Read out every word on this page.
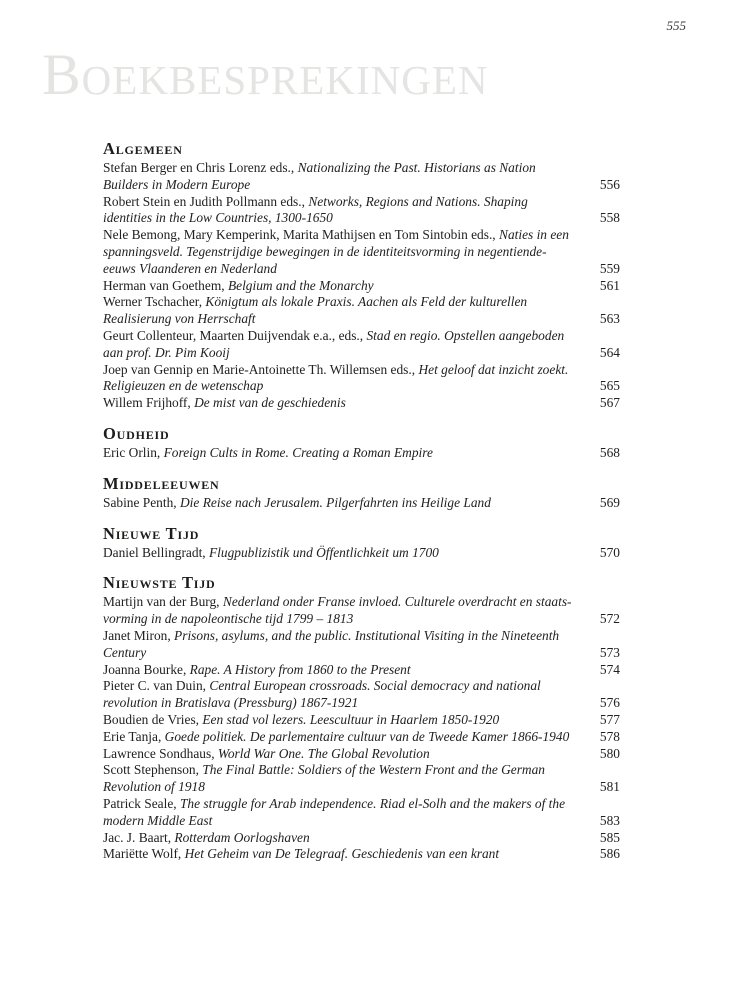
555
Boekbesprekingen
Algemeen
Stefan Berger en Chris Lorenz eds., Nationalizing the Past. Historians as Nation Builders in Modern Europe	556
Robert Stein en Judith Pollmann eds., Networks, Regions and Nations. Shaping identities in the Low Countries, 1300-1650	558
Nele Bemong, Mary Kemperink, Marita Mathijsen en Tom Sintobin eds., Naties in een spanningsveld. Tegenstrijdige bewegingen in de identiteitsvorming in negentiende-eeuws Vlaanderen en Nederland	559
Herman van Goethem, Belgium and the Monarchy	561
Werner Tschacher, Königtum als lokale Praxis. Aachen als Feld der kulturellen Realisierung von Herrschaft	563
Geurt Collenteur, Maarten Duijvendak e.a., eds., Stad en regio. Opstellen aangeboden aan prof. Dr. Pim Kooij	564
Joep van Gennip en Marie-Antoinette Th. Willemsen eds., Het geloof dat inzicht zoekt. Religieuzen en de wetenschap	565
Willem Frijhoff, De mist van de geschiedenis	567
Oudheid
Eric Orlin, Foreign Cults in Rome. Creating a Roman Empire	568
Middeleeuwen
Sabine Penth, Die Reise nach Jerusalem. Pilgerfahrten ins Heilige Land	569
Nieuwe Tijd
Daniel Bellingradt, Flugpublizistik und Öffentlichkeit um 1700	570
Nieuwste Tijd
Martijn van der Burg, Nederland onder Franse invloed. Culturele overdracht en staatsvorming in de napoleontische tijd 1799 – 1813	572
Janet Miron, Prisons, asylums, and the public. Institutional Visiting in the Nineteenth Century	573
Joanna Bourke, Rape. A History from 1860 to the Present	574
Pieter C. van Duin, Central European crossroads. Social democracy and national revolution in Bratislava (Pressburg) 1867-1921	576
Boudien de Vries, Een stad vol lezers. Leescultuur in Haarlem 1850-1920	577
Erie Tanja, Goede politiek. De parlementaire cultuur van de Tweede Kamer 1866-1940	578
Lawrence Sondhaus, World War One. The Global Revolution	580
Scott Stephenson, The Final Battle: Soldiers of the Western Front and the German Revolution of 1918	581
Patrick Seale, The struggle for Arab independence. Riad el-Solh and the makers of the modern Middle East	583
Jac. J. Baart, Rotterdam Oorlogshaven	585
Mariëtte Wolf, Het Geheim van De Telegraaf. Geschiedenis van een krant	586
